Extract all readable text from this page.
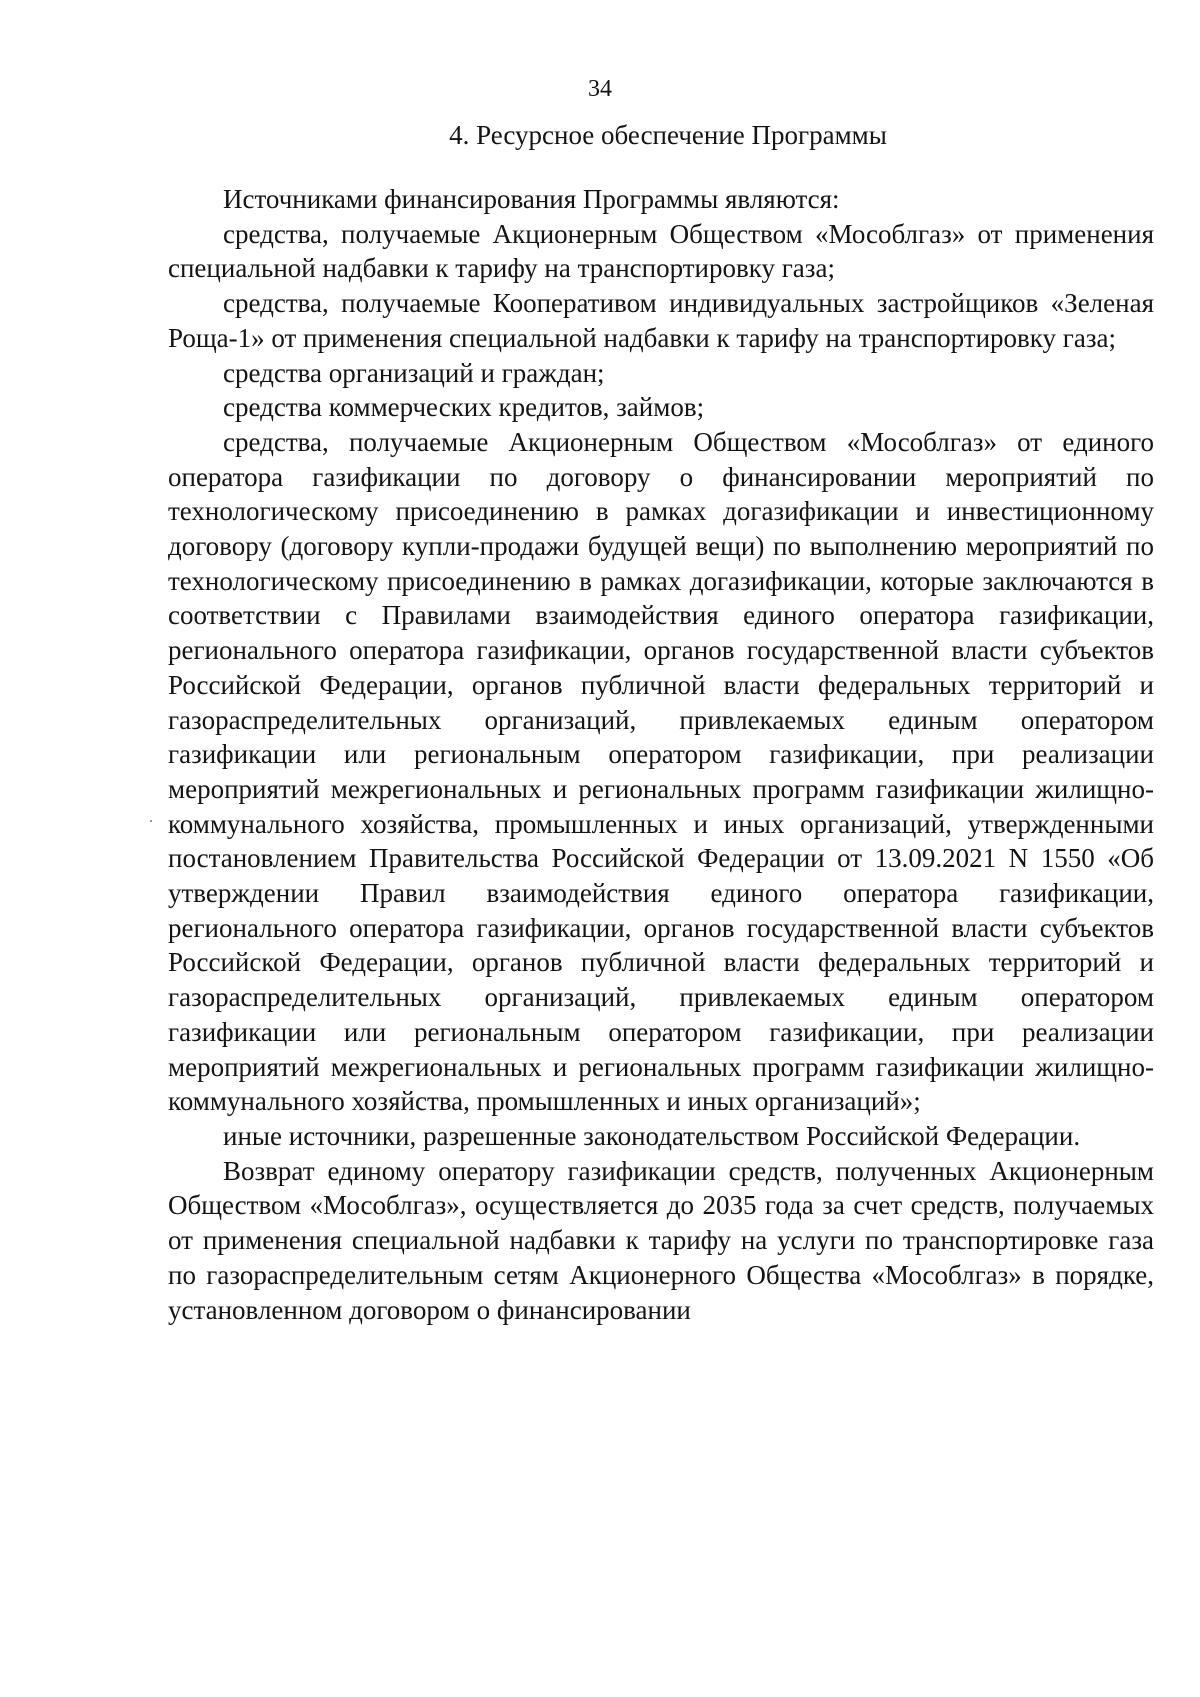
34
4. Ресурсное обеспечение Программы

Источниками финансирования Программы являются:

средства, получаемые Акционерным Обществом «Мособлгаз» от применения специальной надбавки к тарифу на транспортировку газа;

средства, получаемые Кооперативом индивидуальных застройщиков «Зеленая Роща-1» от применения специальной надбавки к тарифу на транспортировку газа;

средства организаций и граждан;

средства коммерческих кредитов, займов;

средства, получаемые Акционерным Обществом «Мособлгаз» от единого оператора газификации по договору о финансировании мероприятий по технологическому присоединению в рамках догазификации и инвестиционному договору (договору купли-продажи будущей вещи) по выполнению мероприятий по технологическому присоединению в рамках догазификации, которые заключаются в соответствии с Правилами взаимодействия единого оператора газификации, регионального оператора газификации, органов государственной власти субъектов Российской Федерации, органов публичной власти федеральных территорий и газораспределительных организаций, привлекаемых единым оператором газификации или региональным оператором газификации, при реализации мероприятий межрегиональных и региональных программ газификации жилищно-коммунального хозяйства, промышленных и иных организаций, утвержденными постановлением Правительства Российской Федерации от 13.09.2021 N 1550 «Об утверждении Правил взаимодействия единого оператора газификации, регионального оператора газификации, органов государственной власти субъектов Российской Федерации, органов публичной власти федеральных территорий и газораспределительных организаций, привлекаемых единым оператором газификации или региональным оператором газификации, при реализации мероприятий межрегиональных и региональных программ газификации жилищно-коммунального хозяйства, промышленных и иных организаций»;

иные источники, разрешенные законодательством Российской Федерации.

Возврат единому оператору газификации средств, полученных Акционерным Обществом «Мособлгаз», осуществляется до 2035 года за счет средств, получаемых от применения специальной надбавки к тарифу на услуги по транспортировке газа по газораспределительным сетям Акционерного Общества «Мособлгаз» в порядке, установленном договором о финансировании
